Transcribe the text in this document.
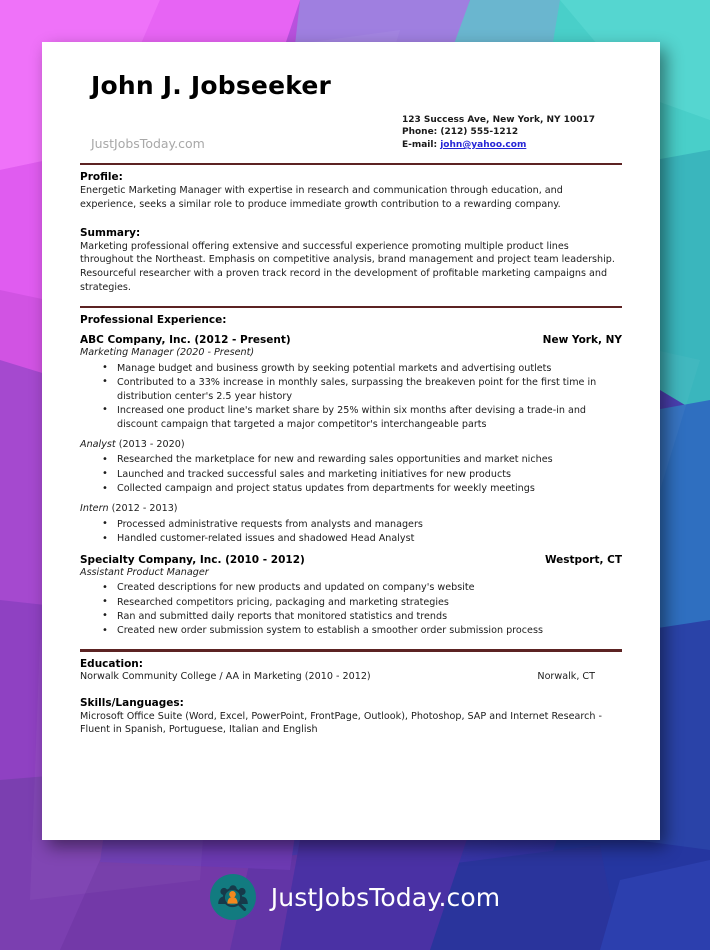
John J. Jobseeker
JustJobsToday.com
123 Success Ave, New York, NY 10017
Phone: (212) 555-1212
E-mail: john@yahoo.com
Profile:
Energetic Marketing Manager with expertise in research and communication through education, and experience, seeks a similar role to produce immediate growth contribution to a rewarding company.
Summary:
Marketing professional offering extensive and successful experience promoting multiple product lines throughout the Northeast. Emphasis on competitive analysis, brand management and project team leadership. Resourceful researcher with a proven track record in the development of profitable marketing campaigns and strategies.
Professional Experience:
ABC Company, Inc. (2012 - Present)	New York, NY
Marketing Manager (2020 - Present)
• Manage budget and business growth by seeking potential markets and advertising outlets
• Contributed to a 33% increase in monthly sales, surpassing the breakeven point for the first time in distribution center's 2.5 year history
• Increased one product line's market share by 25% within six months after devising a trade-in and discount campaign that targeted a major competitor's interchangeable parts
Analyst (2013 - 2020)
• Researched the marketplace for new and rewarding sales opportunities and market niches
• Launched and tracked successful sales and marketing initiatives for new products
• Collected campaign and project status updates from departments for weekly meetings
Intern (2012 - 2013)
• Processed administrative requests from analysts and managers
• Handled customer-related issues and shadowed Head Analyst
Specialty Company, Inc. (2010 - 2012)	Westport, CT
Assistant Product Manager
• Created descriptions for new products and updated on company's website
• Researched competitors pricing, packaging and marketing strategies
• Ran and submitted daily reports that monitored statistics and trends
• Created new order submission system to establish a smoother order submission process
Education:
Norwalk Community College / AA in Marketing (2010 - 2012)	Norwalk, CT
Skills/Languages:
Microsoft Office Suite (Word, Excel, PowerPoint, FrontPage, Outlook), Photoshop, SAP and Internet Research - Fluent in Spanish, Portuguese, Italian and English
JustJobsToday.com
